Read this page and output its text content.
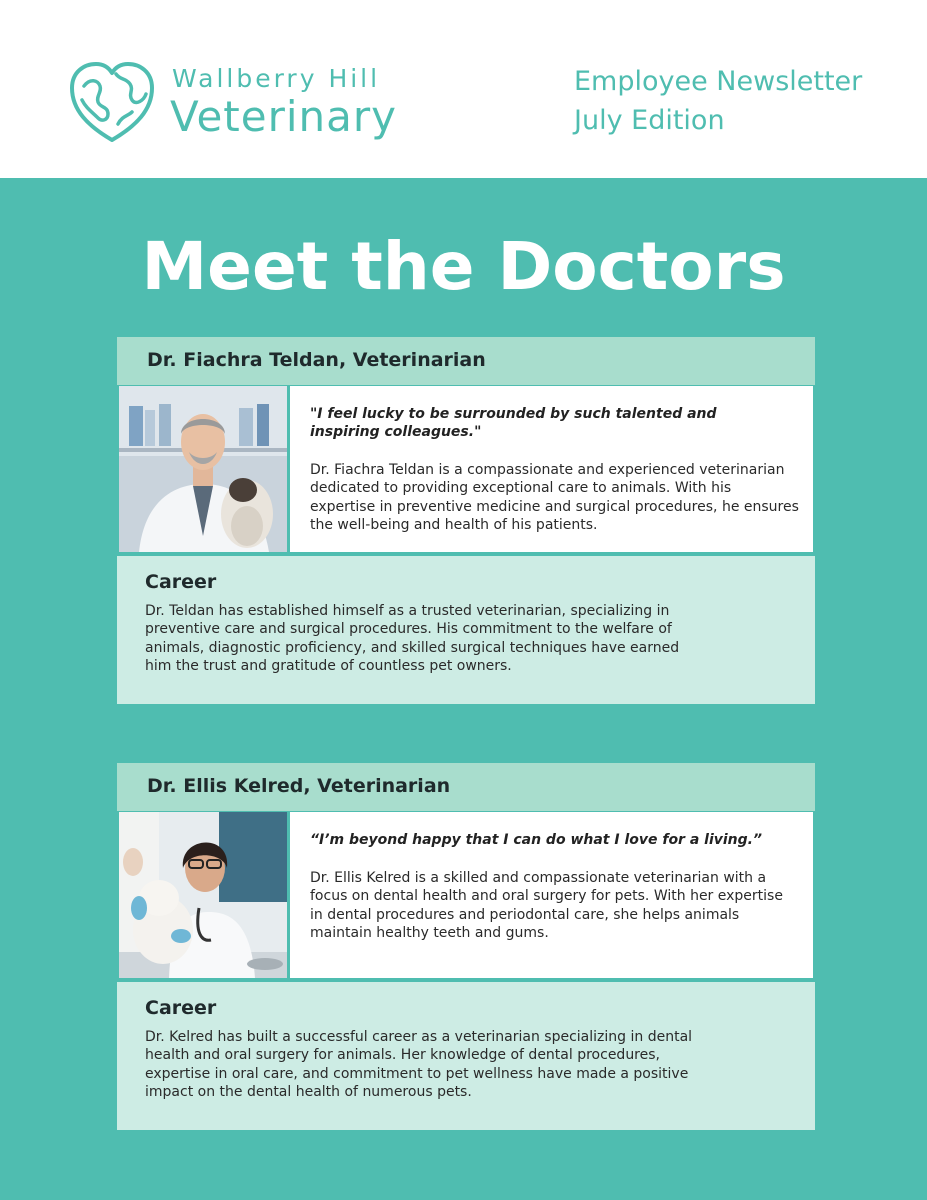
Wallberry Hill
Veterinary
Employee Newsletter
July Edition
Meet the Doctors
Dr. Fiachra Teldan, Veterinarian
"I feel lucky to be surrounded by such talented and inspiring colleagues."
Dr. Fiachra Teldan is a compassionate and experienced veterinarian dedicated to providing exceptional care to animals. With his expertise in preventive medicine and surgical procedures, he ensures the well-being and health of his patients.
Career

Dr. Teldan has established himself as a trusted veterinarian, specializing in preventive care and surgical procedures. His commitment to the welfare of animals, diagnostic proficiency, and skilled surgical techniques have earned him the trust and gratitude of countless pet owners.

Dr. Ellis Kelred, Veterinarian
“I’m beyond happy that I can do what I love for a living.”
Dr. Ellis Kelred is a skilled and compassionate veterinarian with a focus on dental health and oral surgery for pets. With her expertise in dental procedures and periodontal care, she helps animals maintain healthy teeth and gums.
Career

Dr. Kelred has built a successful career as a veterinarian specializing in dental health and oral surgery for animals. Her knowledge of dental procedures, expertise in oral care, and commitment to pet wellness have made a positive impact on the dental health of numerous pets.
